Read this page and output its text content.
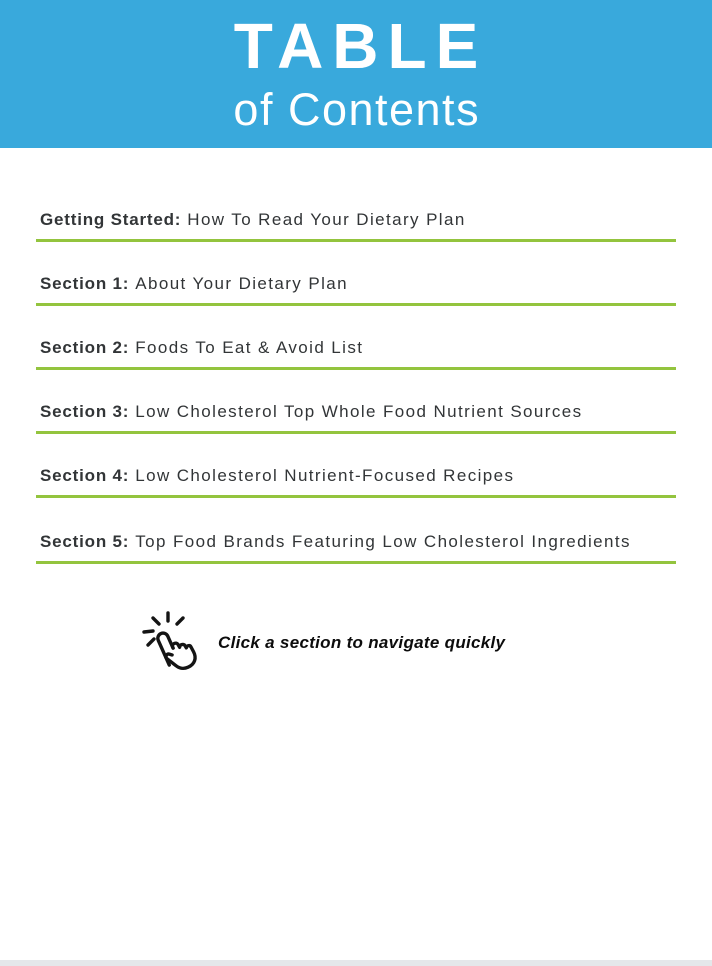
TABLE
of Contents
Getting Started: How To Read Your Dietary Plan
Section 1: About Your Dietary Plan
Section 2: Foods To Eat & Avoid List
Section 3: Low Cholesterol Top Whole Food Nutrient Sources
Section 4: Low Cholesterol Nutrient-Focused Recipes
Section 5: Top Food Brands Featuring Low Cholesterol Ingredients
Click a section to navigate quickly
